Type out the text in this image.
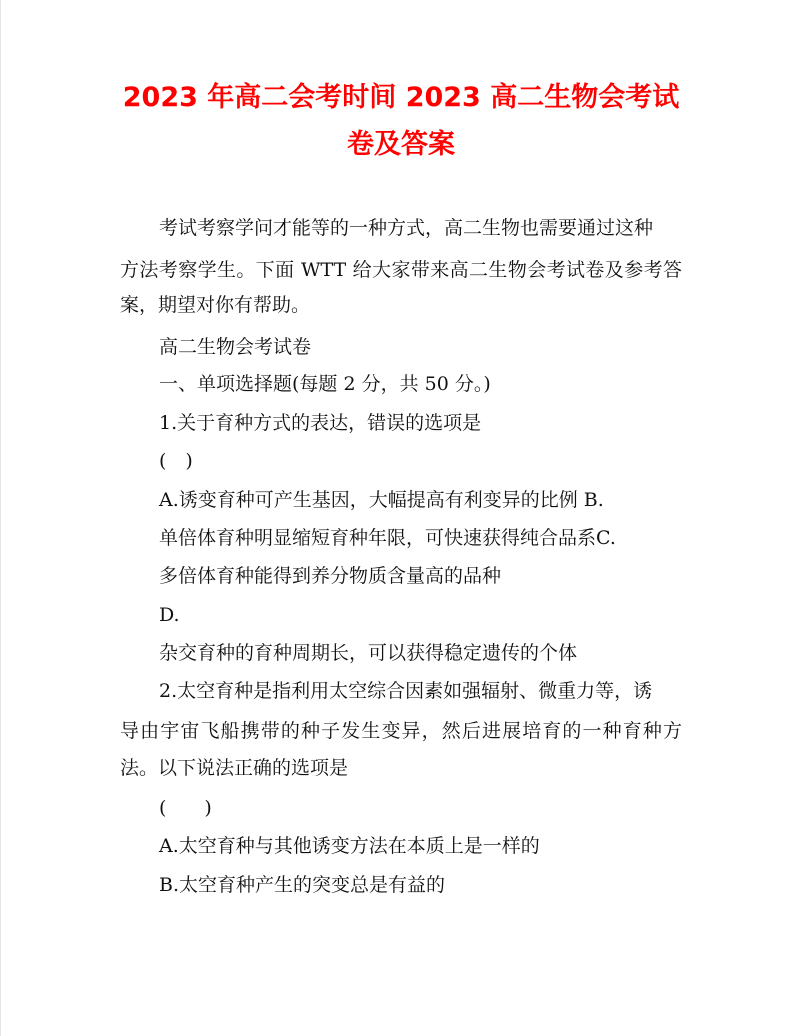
2023 年高二会考时间 2023 高二生物会考试
卷及答案

考试考察学问才能等的一种方式，高二生物也需要通过这种

方法考察学生。下面 WTT 给大家带来高二生物会考试卷及参考答

案，期望对你有帮助。

高二生物会考试卷

一、单项选择题(每题 2 分，共 50 分。)

1.关于育种方式的表达，错误的选项是

(　)

A.诱变育种可产生基因，大幅提高有利变异的比例 B.

单倍体育种明显缩短育种年限，可快速获得纯合品系C.

多倍体育种能得到养分物质含量高的品种

D.

杂交育种的育种周期长，可以获得稳定遗传的个体

2.太空育种是指利用太空综合因素如强辐射、微重力等，诱

导由宇宙飞船携带的种子发生变异，然后进展培育的一种育种方

法。以下说法正确的选项是

(　　)

A.太空育种与其他诱变方法在本质上是一样的

B.太空育种产生的突变总是有益的
